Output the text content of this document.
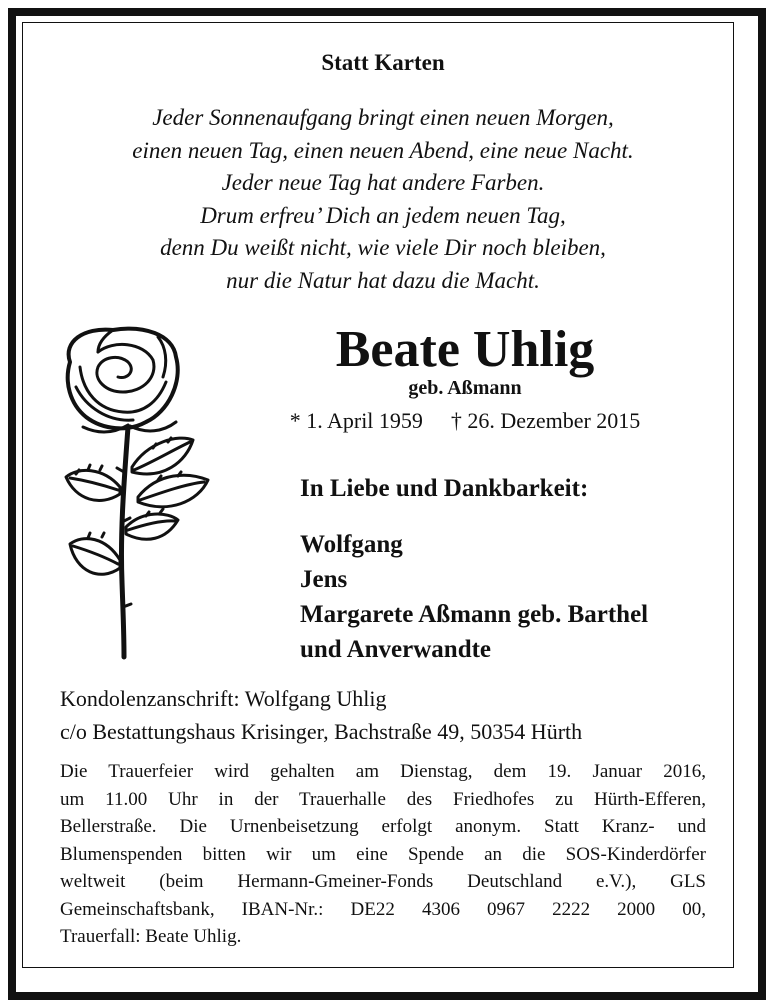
Statt Karten
Jeder Sonnenaufgang bringt einen neuen Morgen,
einen neuen Tag, einen neuen Abend, eine neue Nacht.
Jeder neue Tag hat andere Farben.
Drum erfreu’ Dich an jedem neuen Tag,
denn Du weißt nicht, wie viele Dir noch bleiben,
nur die Natur hat dazu die Macht.
Beate Uhlig
geb. Aßmann
* 1. April 1959 † 26. Dezember 2015
In Liebe und Dankbarkeit:
Wolfgang
Jens
Margarete Aßmann geb. Barthel
und Anverwandte
Kondolenzanschrift: Wolfgang Uhlig
c/o Bestattungshaus Krisinger, Bachstraße 49, 50354 Hürth
Die Trauerfeier wird gehalten am Dienstag, dem 19. Januar 2016,
um 11.00 Uhr in der Trauerhalle des Friedhofes zu Hürth-Efferen,
Bellerstraße. Die Urnenbeisetzung erfolgt anonym. Statt Kranz- und
Blumenspenden bitten wir um eine Spende an die SOS-Kinderdörfer
weltweit (beim Hermann-Gmeiner-Fonds Deutschland e.V.), GLS
Gemeinschaftsbank, IBAN-Nr.: DE22 4306 0967 2222 2000 00,
Trauerfall: Beate Uhlig.
